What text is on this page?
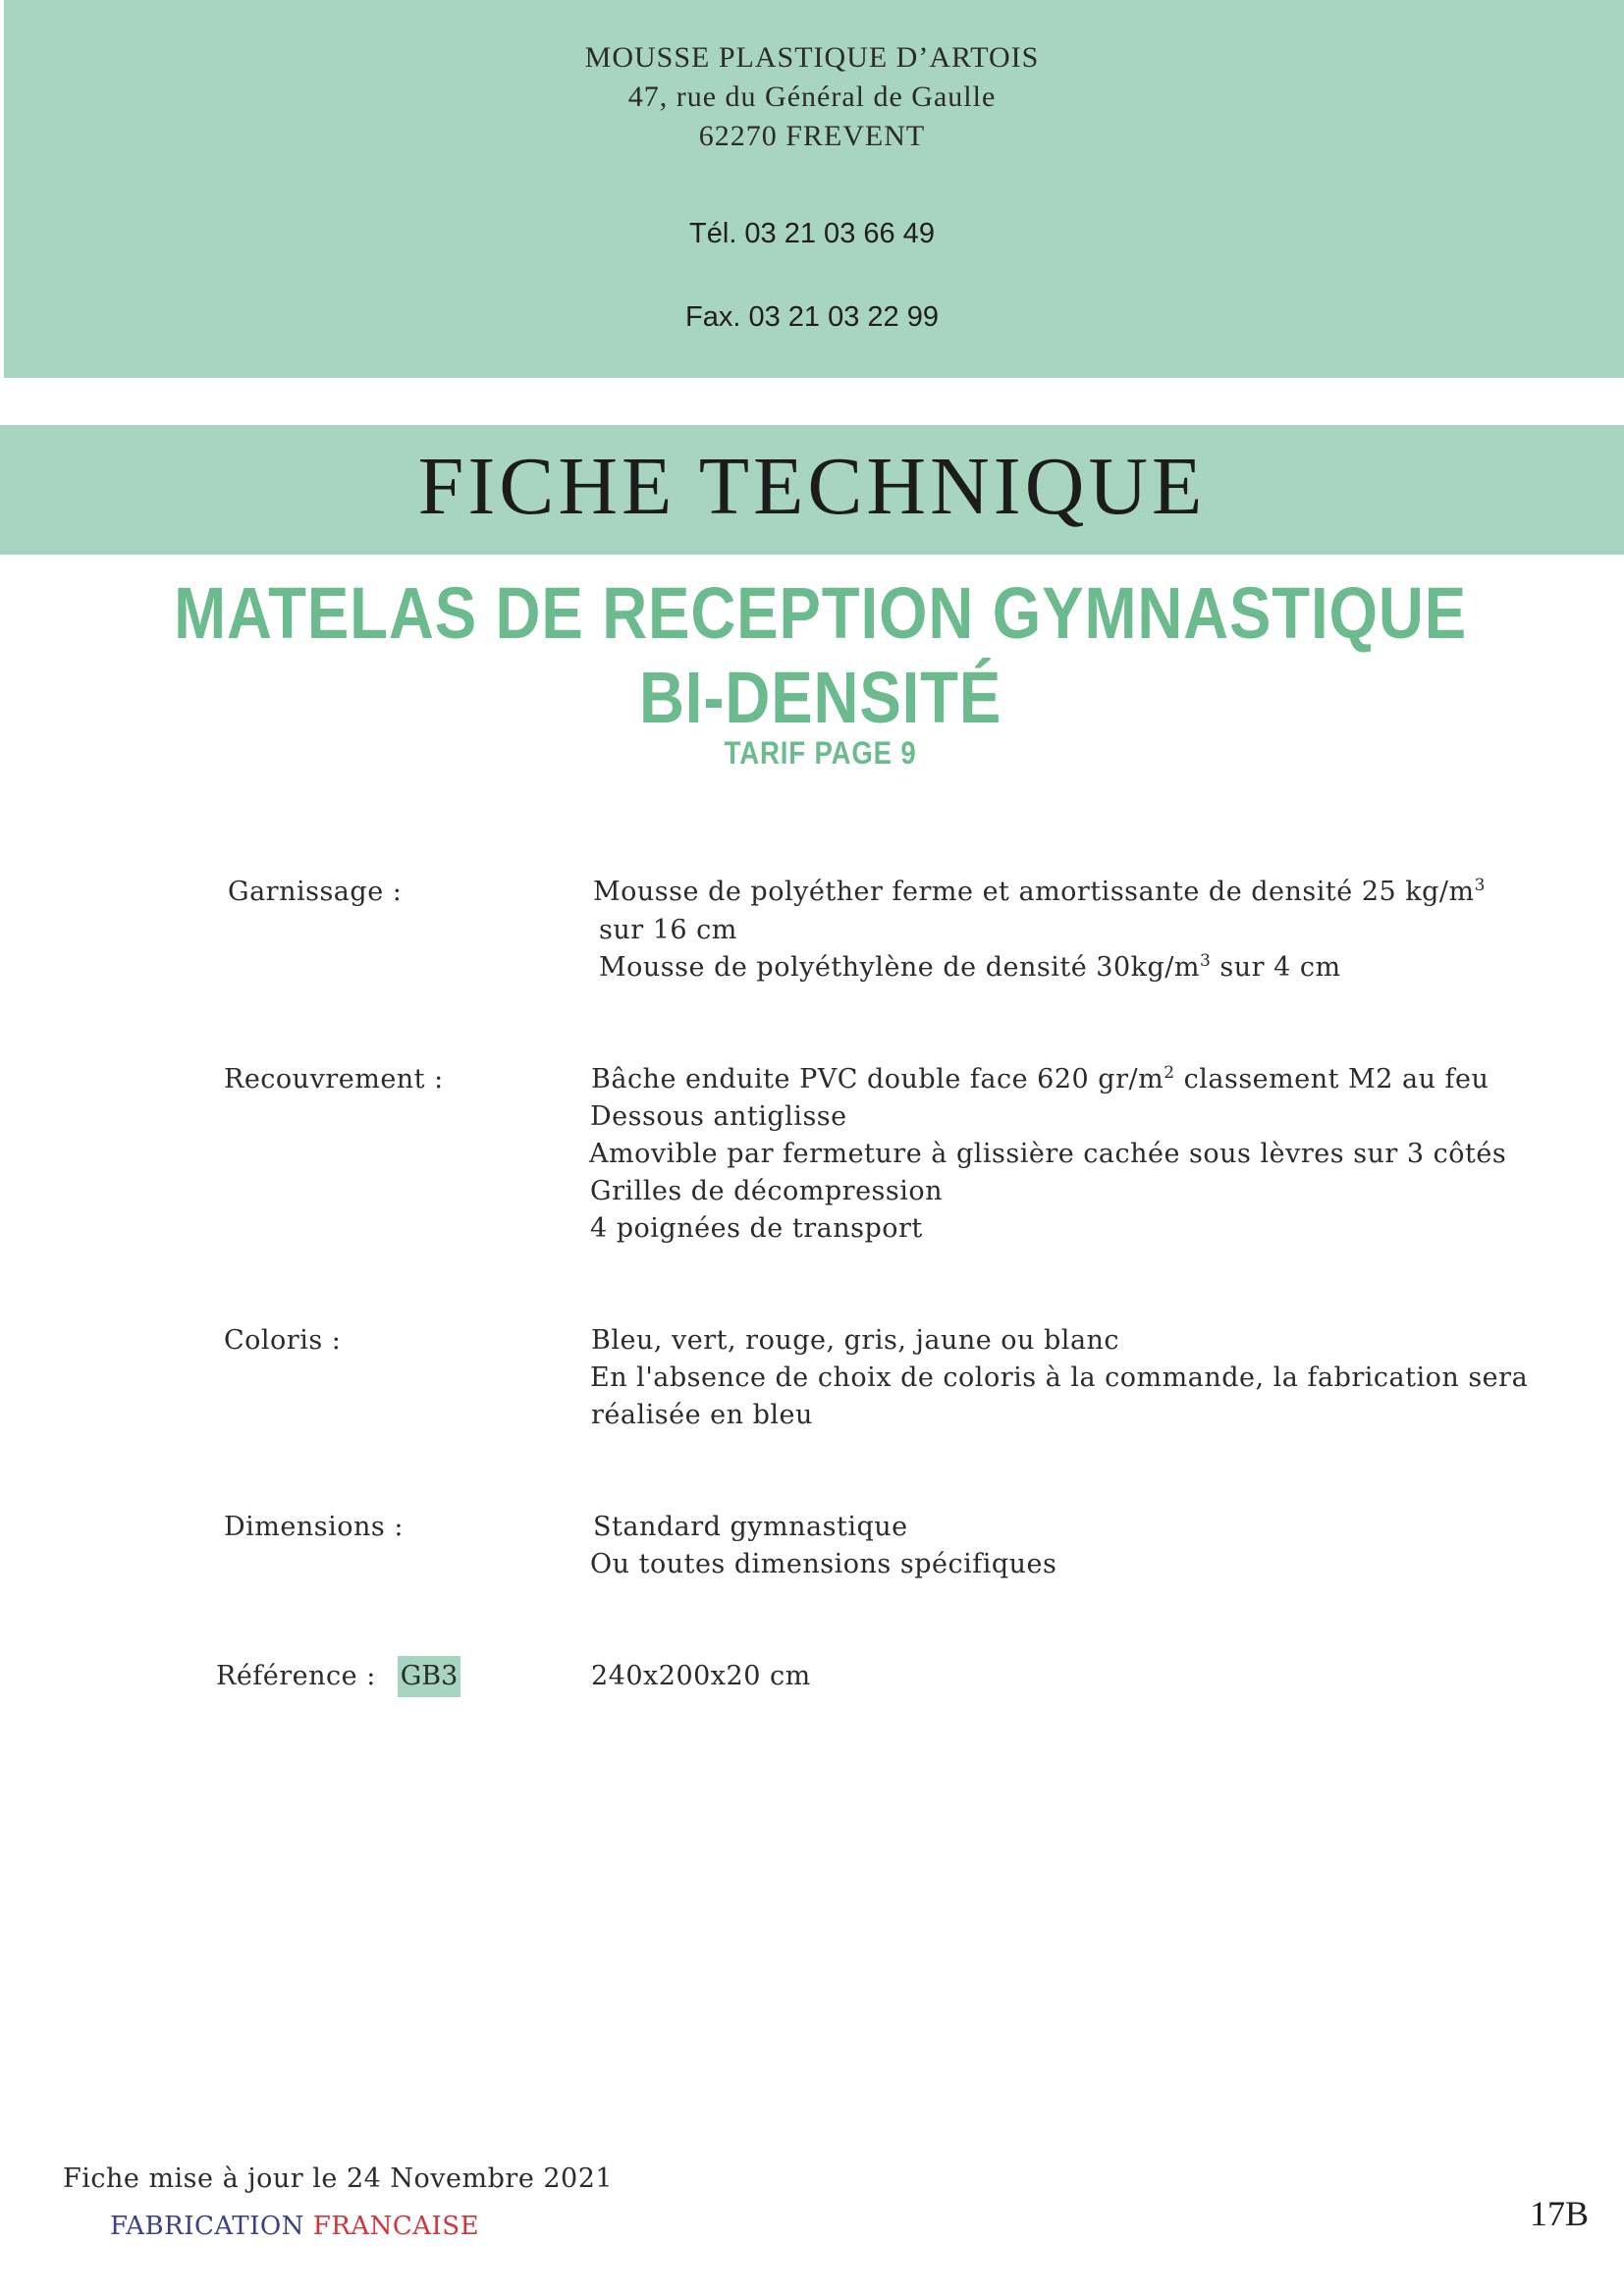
MOUSSE PLASTIQUE D’ARTOIS
47, rue du Général de Gaulle
62270 FREVENT
Tél. 03 21 03 66 49
Fax. 03 21 03 22 99
FICHE TECHNIQUE
MATELAS DE RECEPTION GYMNASTIQUE
BI-DENSITÉ
TARIF PAGE 9
Garnissage :	Mousse de polyéther ferme et amortissante de densité 25 $kg/m^3$
sur 16 cm
Mousse de polyéthylène de densité $30kg/m^3$ sur 4 cm
Recouvrement :	Bâche enduite PVC double face 620 $gr/m^2$ classement M2 au feu
Dessous antiglisse
Amovible par fermeture à glissière cachée sous lèvres sur 3 côtés
Grilles de décompression
4 poignées de transport
Coloris :	Bleu, vert, rouge, gris, jaune ou blanc
En l'absence de choix de coloris à la commande, la fabrication sera
réalisée en bleu
Dimensions :	Standard gymnastique
Ou toutes dimensions spécifiques
Référence : GB3	240x200x20 cm
Fiche mise à jour le 24 Novembre 2021
FABRICATION FRANCAISE	17B
